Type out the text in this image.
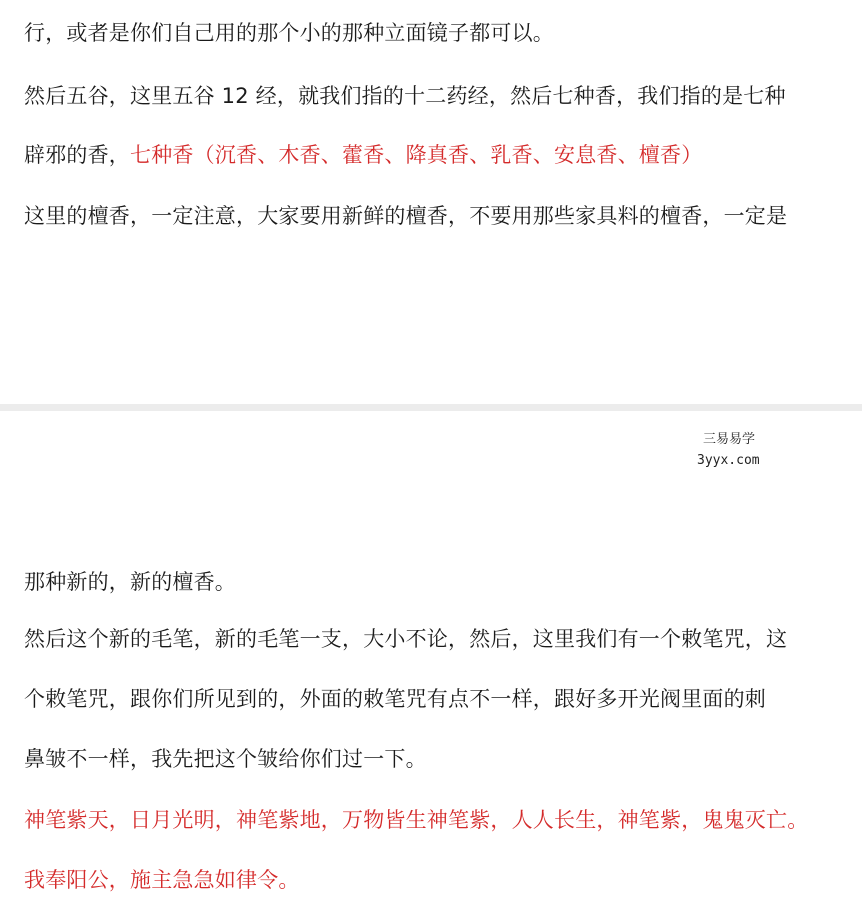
行，或者是你们自己用的那个小的那种立面镜子都可以。
然后五谷，这里五谷 12 经，就我们指的十二药经，然后七种香，我们指的是七种
辟邪的香，七种香（沉香、木香、藿香、降真香、乳香、安息香、檀香）
这里的檀香，一定注意，大家要用新鲜的檀香，不要用那些家具料的檀香，一定是
三易易学
3yyx.com
那种新的，新的檀香。
然后这个新的毛笔，新的毛笔一支，大小不论，然后，这里我们有一个敕笔咒，这
个敕笔咒，跟你们所见到的，外面的敕笔咒有点不一样，跟好多开光阀里面的刺
鼻皱不一样，我先把这个皱给你们过一下。
神笔紫天，日月光明，神笔紫地，万物皆生神笔紫，人人长生，神笔紫，鬼鬼灭亡。
我奉阳公，施主急急如律令。
